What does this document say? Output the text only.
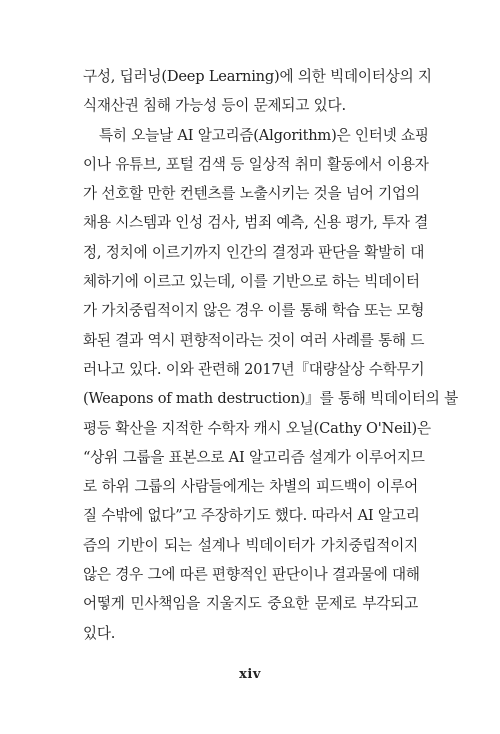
구성, 딥러닝(Deep Learning)에 의한 빅데이터상의 지
식재산권 침해 가능성 등이 문제되고 있다.
특히 오늘날 AI 알고리즘(Algorithm)은 인터넷 쇼핑
이나 유튜브, 포털 검색 등 일상적 취미 활동에서 이용자
가 선호할 만한 컨텐츠를 노출시키는 것을 넘어 기업의
채용 시스템과 인성 검사, 범죄 예측, 신용 평가, 투자 결
정, 정치에 이르기까지 인간의 결정과 판단을 확발히 대
체하기에 이르고 있는데, 이를 기반으로 하는 빅데이터
가 가치중립적이지 않은 경우 이를 통해 학습 또는 모형
화된 결과 역시 편향적이라는 것이 여러 사례를 통해 드
러나고 있다. 이와 관련해 2017년『대량살상 수학무기
(Weapons of math destruction)』를 통해 빅데이터의 불
평등 확산을 지적한 수학자 캐시 오닐(Cathy O'Neil)은
“상위 그룹을 표본으로 AI 알고리즘 설계가 이루어지므
로 하위 그룹의 사람들에게는 차별의 피드백이 이루어
질 수밖에 없다”고 주장하기도 했다. 따라서 AI 알고리
즘의 기반이 되는 설계나 빅데이터가 가치중립적이지
않은 경우 그에 따른 편향적인 판단이나 결과물에 대해
어떻게 민사책임을 지울지도 중요한 문제로 부각되고
있다.
xiv
